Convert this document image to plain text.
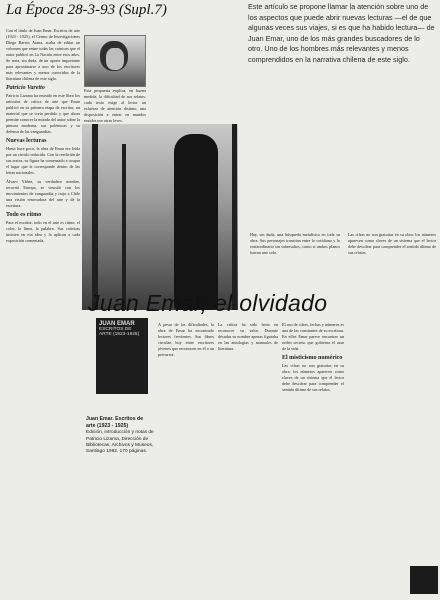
La Época 28-3-93 (Supl.7)

Con el título de Juan Emar. Escritos de arte (1923 - 1925), el Centro de Investigaciones Diego Barros Arana, acaba de editar un volumen que reúne todas las crónicas que el autor publicó en La Nación entre esos años. Se trata, sin duda, de un aporte importante para aproximarse a uno de los escritores más relevantes y menos conocidos de la literatura chilena de este siglo.

Patricio Varetto

Patricio Lizama ha reunido en este libro los artículos de crítica de arte que Emar publicó en su primera etapa de escritor, un material que se creía perdido y que ahora permite conocer la mirada del autor sobre la pintura moderna, sus polémicas y su defensa de las vanguardias.

Nuevas lecturas

Hasta hace poco, la obra de Emar era leída por un círculo reducido. Con la reedición de sus textos, su figura ha comenzado a ocupar el lugar que le corresponde dentro de las letras nacionales.

Álvaro Yáñez, su verdadero nombre, recorrió Europa, se vinculó con los movimientos de vanguardia y trajo a Chile una visión renovadora del arte y de la escritura.

Todo es ritmo

Para el escritor, todo en el arte es ritmo: el color, la línea, la palabra. Sus crónicas insisten en esa idea y la aplican a cada exposición comentada.

Esta propuesta explica, en buena medida, la dificultad de sus relatos: cada texto exige al lector un esfuerzo de atención distinto, una disposición a entrar en mundos regidos por otras leyes.

Este artículo se propone llamar la atención sobre uno de los aspectos que puede abrir nuevas lecturas —el de que algunas veces sus viajes, si es que ha habido lectura— de Juan Emar, uno de los más grandes buscadores de lo otro. Uno de los hombres más relevantes y menos comprendidos en la narrativa chilena de este siglo.

Hay, sin duda, una búsqueda metafísica en toda su obra. Sus personajes transitan entre lo cotidiano y lo extraordinario sin sobresaltos, como si ambos planos fueran uno solo.

Las cifras no son gratuitas en su obra: los números aparecen como claves de un sistema que el lector debe descifrar para comprender el sentido último de sus relatos.

Juan Emar, el olvidado
JUAN EMAR
ESCRITOS DE ARTE (1923-1925)
Juan Emar. Escritos de arte (1923 - 1925)
Edición, introducción y notas de Patricio Lizama, Dirección de Bibliotecas, Archivos y Museos, Santiago 1992. 170 páginas.

A pesar de las dificultades, la obra de Emar ha encontrado lectores fervientes. Sus libros circulan hoy entre escritores jóvenes que reconocen en él a un precursor.

La crítica ha sido lenta en reconocer su valor. Durante décadas su nombre apenas figuraba en las antologías y manuales de literatura.

El uso de cifras, fechas y números es una de las constantes de su escritura. En ellos Emar parece encontrar un orden secreto que gobierna el azar de la vida.

El misticismo numérico

Las cifras no son gratuitas en su obra: los números aparecen como claves de un sistema que el lector debe descifrar para comprender el sentido último de sus relatos.
